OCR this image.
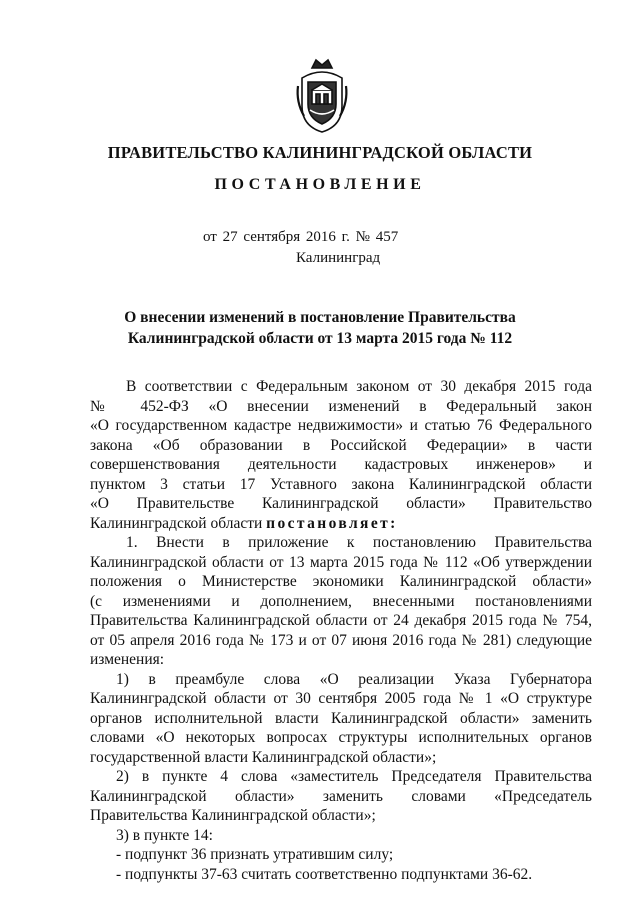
ПРАВИТЕЛЬСТВО КАЛИНИНГРАДСКОЙ ОБЛАСТИ
ПОСТАНОВЛЕНИЕ
от 27 сентября 2016 г. № 457
Калининград
О внесении изменений в постановление Правительства
Калининградской области от 13 марта 2015 года № 112
В соответствии с Федеральным законом от 30 декабря 2015 года
№ 452-ФЗ «О внесении изменений в Федеральный закон
«О государственном кадастре недвижимости» и статью 76 Федерального
закона «Об образовании в Российской Федерации» в части
совершенствования деятельности кадастровых инженеров» и
пунктом 3 статьи 17 Уставного закона Калининградской области
«О Правительстве Калининградской области» Правительство
Калининградской области постановляет:
1. Внести в приложение к постановлению Правительства
Калининградской области от 13 марта 2015 года № 112 «Об утверждении
положения о Министерстве экономики Калининградской области»
(с изменениями и дополнением, внесенными постановлениями
Правительства Калининградской области от 24 декабря 2015 года № 754,
от 05 апреля 2016 года № 173 и от 07 июня 2016 года № 281) следующие
изменения:
1) в преамбуле слова «О реализации Указа Губернатора
Калининградской области от 30 сентября 2005 года № 1 «О структуре
органов исполнительной власти Калининградской области» заменить
словами «О некоторых вопросах структуры исполнительных органов
государственной власти Калининградской области»;
2) в пункте 4 слова «заместитель Председателя Правительства
Калининградской области» заменить словами «Председатель
Правительства Калининградской области»;
3) в пункте 14:
- подпункт 36 признать утратившим силу;
- подпункты 37-63 считать соответственно подпунктами 36-62.
